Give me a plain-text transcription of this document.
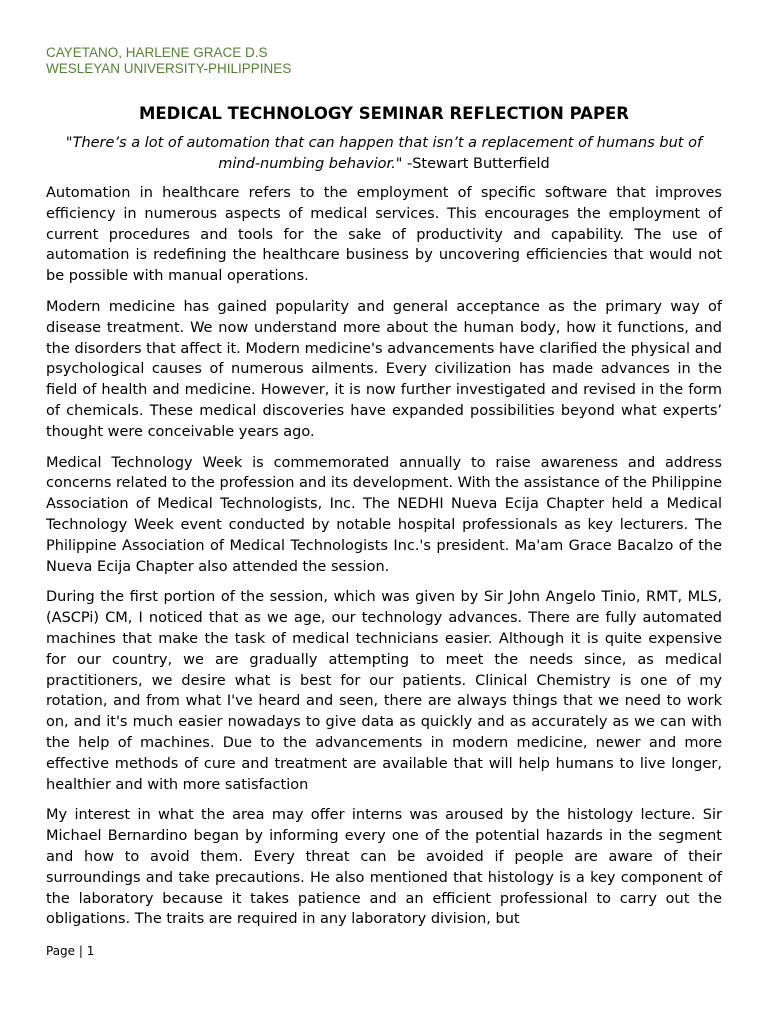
CAYETANO, HARLENE GRACE D.S
WESLEYAN UNIVERSITY-PHILIPPINES
MEDICAL TECHNOLOGY SEMINAR REFLECTION PAPER
"There’s a lot of automation that can happen that isn’t a replacement of humans but of mind-numbing behavior." -Stewart Butterfield

Automation in healthcare refers to the employment of specific software that improves efficiency in numerous aspects of medical services. This encourages the employment of current procedures and tools for the sake of productivity and capability. The use of automation is redefining the healthcare business by uncovering efficiencies that would not be possible with manual operations.

Modern medicine has gained popularity and general acceptance as the primary way of disease treatment. We now understand more about the human body, how it functions, and the disorders that affect it. Modern medicine's advancements have clarified the physical and psychological causes of numerous ailments. Every civilization has made advances in the field of health and medicine. However, it is now further investigated and revised in the form of chemicals. These medical discoveries have expanded possibilities beyond what experts’ thought were conceivable years ago.

Medical Technology Week is commemorated annually to raise awareness and address concerns related to the profession and its development. With the assistance of the Philippine Association of Medical Technologists, Inc. The NEDHI Nueva Ecija Chapter held a Medical Technology Week event conducted by notable hospital professionals as key lecturers. The Philippine Association of Medical Technologists Inc.'s president. Ma'am Grace Bacalzo of the Nueva Ecija Chapter also attended the session.

During the first portion of the session, which was given by Sir John Angelo Tinio, RMT, MLS, (ASCPi) CM, I noticed that as we age, our technology advances. There are fully automated machines that make the task of medical technicians easier. Although it is quite expensive for our country, we are gradually attempting to meet the needs since, as medical practitioners, we desire what is best for our patients. Clinical Chemistry is one of my rotation, and from what I've heard and seen, there are always things that we need to work on, and it's much easier nowadays to give data as quickly and as accurately as we can with the help of machines. Due to the advancements in modern medicine, newer and more effective methods of cure and treatment are available that will help humans to live longer, healthier and with more satisfaction

My interest in what the area may offer interns was aroused by the histology lecture. Sir Michael Bernardino began by informing every one of the potential hazards in the segment and how to avoid them. Every threat can be avoided if people are aware of their surroundings and take precautions. He also mentioned that histology is a key component of the laboratory because it takes patience and an efficient professional to carry out the obligations. The traits are required in any laboratory division, but

Page | 1
